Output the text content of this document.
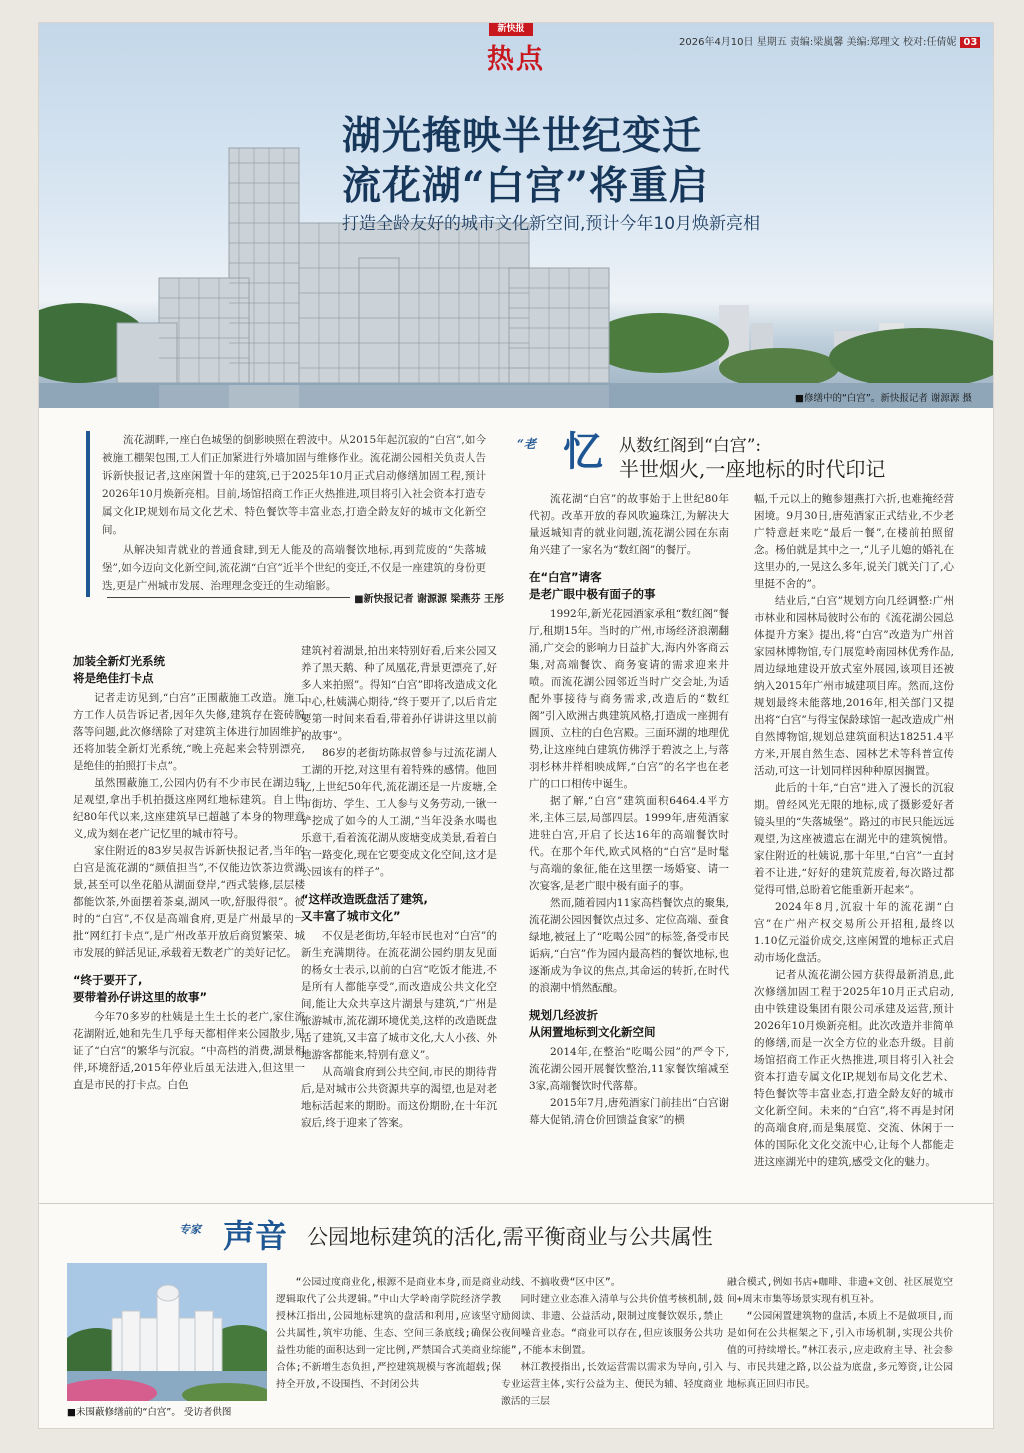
新快报
热点
2026年4月10日 星期五 责编:梁嵐馨 美编:郑理文 校对:任倩妮 03
湖光掩映半世纪变迁
流花湖“白宫”将重启
打造全龄友好的城市文化新空间,预计今年10月焕新亮相
■修缮中的“白宫”。新快报记者 谢源源 摄

流花湖畔,一座白色城堡的倒影映照在碧波中。从2015年起沉寂的“白宫”,如今被施工棚架包围,工人们正加紧进行外墙加固与维修作业。流花湖公园相关负责人告诉新快报记者,这座闲置十年的建筑,已于2025年10月正式启动修缮加固工程,预计2026年10月焕新亮相。目前,场馆招商工作正火热推进,项目将引入社会资本打造专属文化IP,规划布局文化艺术、特色餐饮等丰富业态,打造全龄友好的城市文化新空间。

从解决知青就业的普通食肆,到无人能及的高端餐饮地标,再到荒废的“失落城堡”,如今迈向文化新空间,流花湖“白宫”近半个世纪的变迁,不仅是一座建筑的身份更迭,更是广州城市发展、治理理念变迁的生动缩影。

■新快报记者 谢源源 梁燕芬 王彤
“老 忆 从数红阁到“白宫”:
半世烟火,一座地标的时代印记
加装全新灯光系统
将是绝佳打卡点

记者走访见到,“白宫”正围蔽施工改造。施工方工作人员告诉记者,因年久失修,建筑存在瓷砖脱落等问题,此次修缮除了对建筑主体进行加固维护,还将加装全新灯光系统,“晚上亮起来会特别漂亮,是绝佳的拍照打卡点”。

虽然围蔽施工,公园内仍有不少市民在湖边驻足观望,拿出手机拍摄这座网红地标建筑。自上世纪80年代以来,这座建筑早已超越了本身的物理意义,成为刻在老广记忆里的城市符号。

家住附近的83岁吴叔告诉新快报记者,当年的白宫是流花湖的“颜值担当”,不仅能边饮茶边赏湖景,甚至可以坐花船从湖面登岸,“西式装修,层层楼都能饮茶,外面摆着茶桌,湖风一吹,舒服得很”。彼时的“白宫”,不仅是高端食府,更是广州最早的一批“网红打卡点”,是广州改革开放后商贸繁荣、城市发展的鲜活见证,承载着无数老广的美好记忆。

“终于要开了,
要带着孙仔讲这里的故事”

今年70多岁的杜姨是土生土长的老广,家住流花湖附近,她和先生几乎每天都相伴来公园散步,见证了“白宫”的繁华与沉寂。“中高档的消费,湖景相伴,环境舒适,2015年停业后虽无法进入,但这里一直是市民的打卡点。白色

建筑衬着湖景,拍出来特别好看,后来公园又养了黑天鹅、种了凤凰花,背景更漂亮了,好多人来拍照”。得知“白宫”即将改造成文化中心,杜姨满心期待,“终于要开了,以后肯定要第一时间来看看,带着孙仔讲讲这里以前的故事”。

86岁的老街坊陈叔曾参与过流花湖人工湖的开挖,对这里有着特殊的感情。他回忆,上世纪50年代,流花湖还是一片废塘,全市街坊、学生、工人参与义务劳动,一锹一铲挖成了如今的人工湖,“当年没条水喝也乐意干,看着流花湖从废塘变成美景,看着白宫一路变化,现在它要变成文化空间,这才是公园该有的样子”。

“这样改造既盘活了建筑,
又丰富了城市文化”

不仅是老街坊,年轻市民也对“白宫”的新生充满期待。在流花湖公园约朋友见面的杨女士表示,以前的白宫“吃饭才能进,不是所有人都能享受”,而改造成公共文化空间,能让大众共享这片湖景与建筑,“广州是旅游城市,流花湖环境优美,这样的改造既盘活了建筑,又丰富了城市文化,大人小孩、外地游客都能来,特别有意义”。

从高端食府到公共空间,市民的期待背后,是对城市公共资源共享的渴望,也是对老地标活起来的期盼。而这份期盼,在十年沉寂后,终于迎来了答案。

流花湖“白宫”的故事始于上世纪80年代初。改革开放的春风吹遍珠江,为解决大量返城知青的就业问题,流花湖公园在东南角兴建了一家名为“数红阁”的餐厅。

在“白宫”请客
是老广眼中极有面子的事

1992年,新光花园酒家承租“数红阁”餐厅,租期15年。当时的广州,市场经济浪潮翻涌,广交会的影响力日益扩大,海内外客商云集,对高端餐饮、商务宴请的需求迎来井喷。而流花湖公园邻近当时广交会址,为适配外事接待与商务需求,改造后的“数红阁”引入欧洲古典建筑风格,打造成一座拥有圆顶、立柱的白色宫殿。三面环湖的地理优势,让这座纯白建筑仿佛浮于碧波之上,与落羽杉林井样相映成辉,“白宫”的名字也在老广的口口相传中诞生。

据了解,“白宫”建筑面积6464.4平方米,主体三层,局部四层。1999年,唐苑酒家进驻白宫,开启了长达16年的高端餐饮时代。在那个年代,欧式风格的“白宫”是时髦与高端的象征,能在这里摆一场婚宴、请一次宴客,是老广眼中极有面子的事。

然而,随着园内11家高档餐饮点的聚集,流花湖公园因餐饮点过多、定位高端、蚕食绿地,被冠上了“吃喝公园”的标签,备受市民诟病,“白宫”作为园内最高档的餐饮地标,也逐渐成为争议的焦点,其命运的转折,在时代的浪潮中悄然酝酿。

规划几经波折
从闲置地标到文化新空间

2014年,在整治“吃喝公园”的严令下,流花湖公园开展餐饮整治,11家餐饮缩减至3家,高端餐饮时代落幕。

2015年7月,唐苑酒家门前挂出“白宫谢幕大促销,清仓价回馈益食家”的横

幅,千元以上的鲍参翅燕打六折,也难掩经营困境。9月30日,唐苑酒家正式结业,不少老广特意赶来吃“最后一餐”,在楼前拍照留念。杨伯就是其中之一,“儿子儿媳的婚礼在这里办的,一晃这么多年,说关门就关门了,心里挺不舍的”。

结业后,“白宫”规划方向几经调整:广州市林业和园林局彼时公布的《流花湖公园总体提升方案》提出,将“白宫”改造为广州首家园林博物馆,专门展览岭南园林优秀作品,周边绿地建设开放式室外展园,该项目还被纳入2015年广州市城建项目库。然而,这份规划最终未能落地,2016年,相关部门又提出将“白宫”与得宝保龄球馆一起改造成广州自然博物馆,规划总建筑面积达18251.4平方米,开展自然生态、园林艺术等科普宣传活动,可这一计划同样因种种原因搁置。

此后的十年,“白宫”进入了漫长的沉寂期。曾经风光无限的地标,成了摄影爱好者镜头里的“失落城堡”。路过的市民只能远远观望,为这座被遗忘在湖光中的建筑惋惜。家住附近的杜姨说,那十年里,“白宫”一直封着不让进,“好好的建筑荒废着,每次路过都觉得可惜,总盼着它能重新开起来”。

2024年8月,沉寂十年的流花湖“白宫”在广州产权交易所公开招租,最终以1.10亿元溢价成交,这座闲置的地标正式启动市场化盘活。

记者从流花湖公园方获得最新消息,此次修缮加固工程于2025年10月正式启动,由中铁建设集团有限公司承建及运营,预计2026年10月焕新亮相。此次改造并非简单的修缮,而是一次全方位的业态升级。目前场馆招商工作正火热推进,项目将引入社会资本打造专属文化IP,规划布局文化艺术、特色餐饮等丰富业态,打造全龄友好的城市文化新空间。未来的“白宫”,将不再是封闭的高端食府,而是集展览、交流、休闲于一体的国际化文化交流中心,让每个人都能走进这座湖光中的建筑,感受文化的魅力。

专家 声音 公园地标建筑的活化,需平衡商业与公共属性
■未围蔽修缮前的“白宫”。 受访者供图

“公园过度商业化,根源不是商业本身,而是商业逻辑取代了公共逻辑。”中山大学岭南学院经济学教授林江指出,公园地标建筑的盘活和利用,应该坚守公共属性,筑牢功能、生态、空间三条底线;确保公益性功能的面积达到一定比例,严禁国合式美商业综合体;不新增生态负担,严控建筑规模与客流超载;保持全开放,不设围挡、不封闭公共

动线、不搞收费“区中区”。

同时建立业态准入清单与公共价值考核机制,鼓励阅读、非遗、公益活动,限制过度餐饮娱乐,禁止夜间噪音业态。“商业可以存在,但应该服务公共功能”,不能本末倒置。

林江教授指出,长效运营需以需求为导向,引入专业运营主体,实行公益为主、便民为辅、轻度商业激活的三层

融合模式,例如书店+咖啡、非遗+文创、社区展览空间+周末市集等场景实现有机互补。

“公园闲置建筑物的盘活,本质上不是做项目,而是如何在公共框架之下,引入市场机制,实现公共价值的可持续增长。”林江表示,应走政府主导、社会参与、市民共建之路,以公益为底盘,多元筹资,让公园地标真正回归市民。
